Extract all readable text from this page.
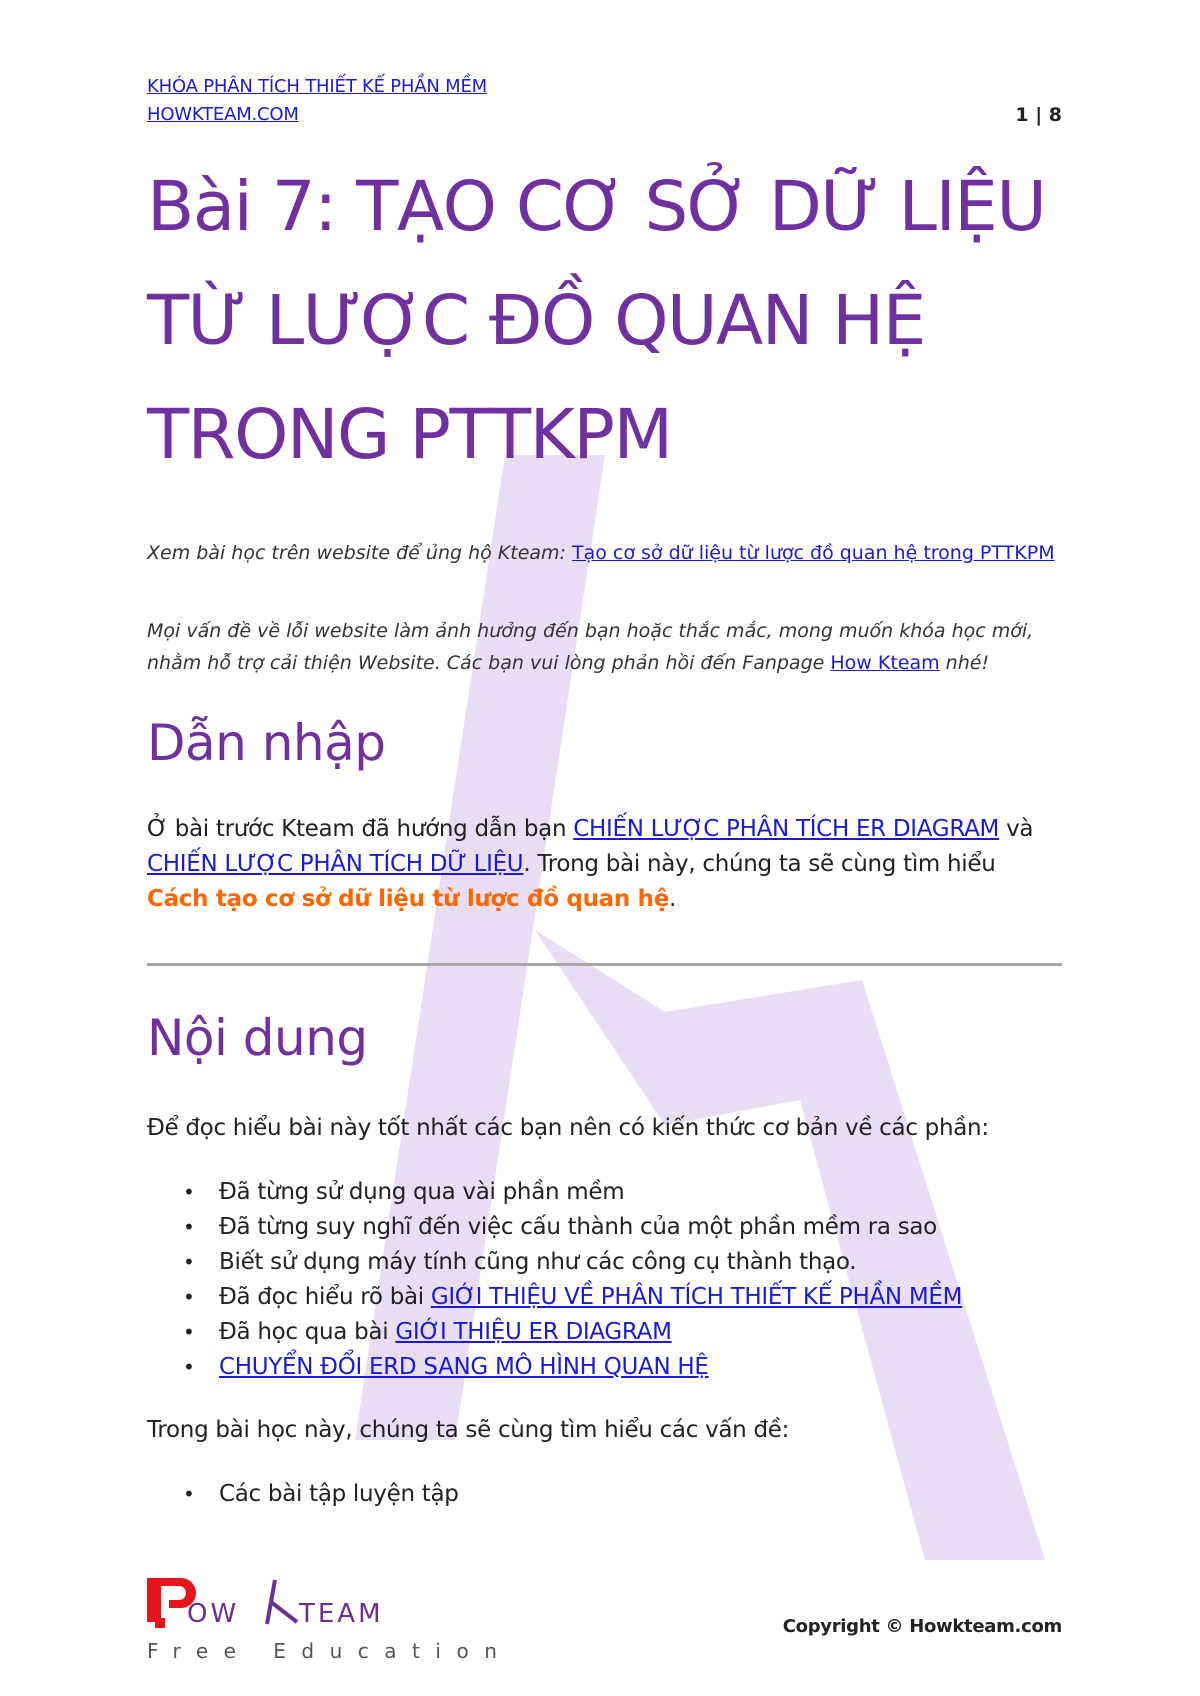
KHÓA PHÂN TÍCH THIẾT KẾ PHẦN MỀM
HOWKTEAM.COM	1 | 8
Bài 7: TẠO CƠ SỞ DỮ LIỆU TỪ LƯỢC ĐỒ QUAN HỆ TRONG PTTKPM
Xem bài học trên website để ủng hộ Kteam: Tạo cơ sở dữ liệu từ lược đồ quan hệ trong PTTKPM
Mọi vấn đề về lỗi website làm ảnh hưởng đến bạn hoặc thắc mắc, mong muốn khóa học mới, nhằm hỗ trợ cải thiện Website. Các bạn vui lòng phản hồi đến Fanpage How Kteam nhé!
Dẫn nhập

Ở bài trước Kteam đã hướng dẫn bạn CHIẾN LƯỢC PHÂN TÍCH ER DIAGRAM và CHIẾN LƯỢC PHÂN TÍCH DỮ LIỆU. Trong bài này, chúng ta sẽ cùng tìm hiểu Cách tạo cơ sở dữ liệu từ lược đồ quan hệ.

Nội dung

Để đọc hiểu bài này tốt nhất các bạn nên có kiến thức cơ bản về các phần:

• Đã từng sử dụng qua vài phần mềm
• Đã từng suy nghĩ đến việc cấu thành của một phần mềm ra sao
• Biết sử dụng máy tính cũng như các công cụ thành thạo.
• Đã đọc hiểu rõ bài GIỚI THIỆU VỀ PHÂN TÍCH THIẾT KẾ PHẦN MỀM
• Đã học qua bài GIỚI THIỆU ER DIAGRAM
• CHUYỂN ĐỔI ERD SANG MÔ HÌNH QUAN HỆ

Trong bài học này, chúng ta sẽ cùng tìm hiểu các vấn đề:

• Các bài tập luyện tập
OW TEAM
Free Education
Copyright © Howkteam.com
